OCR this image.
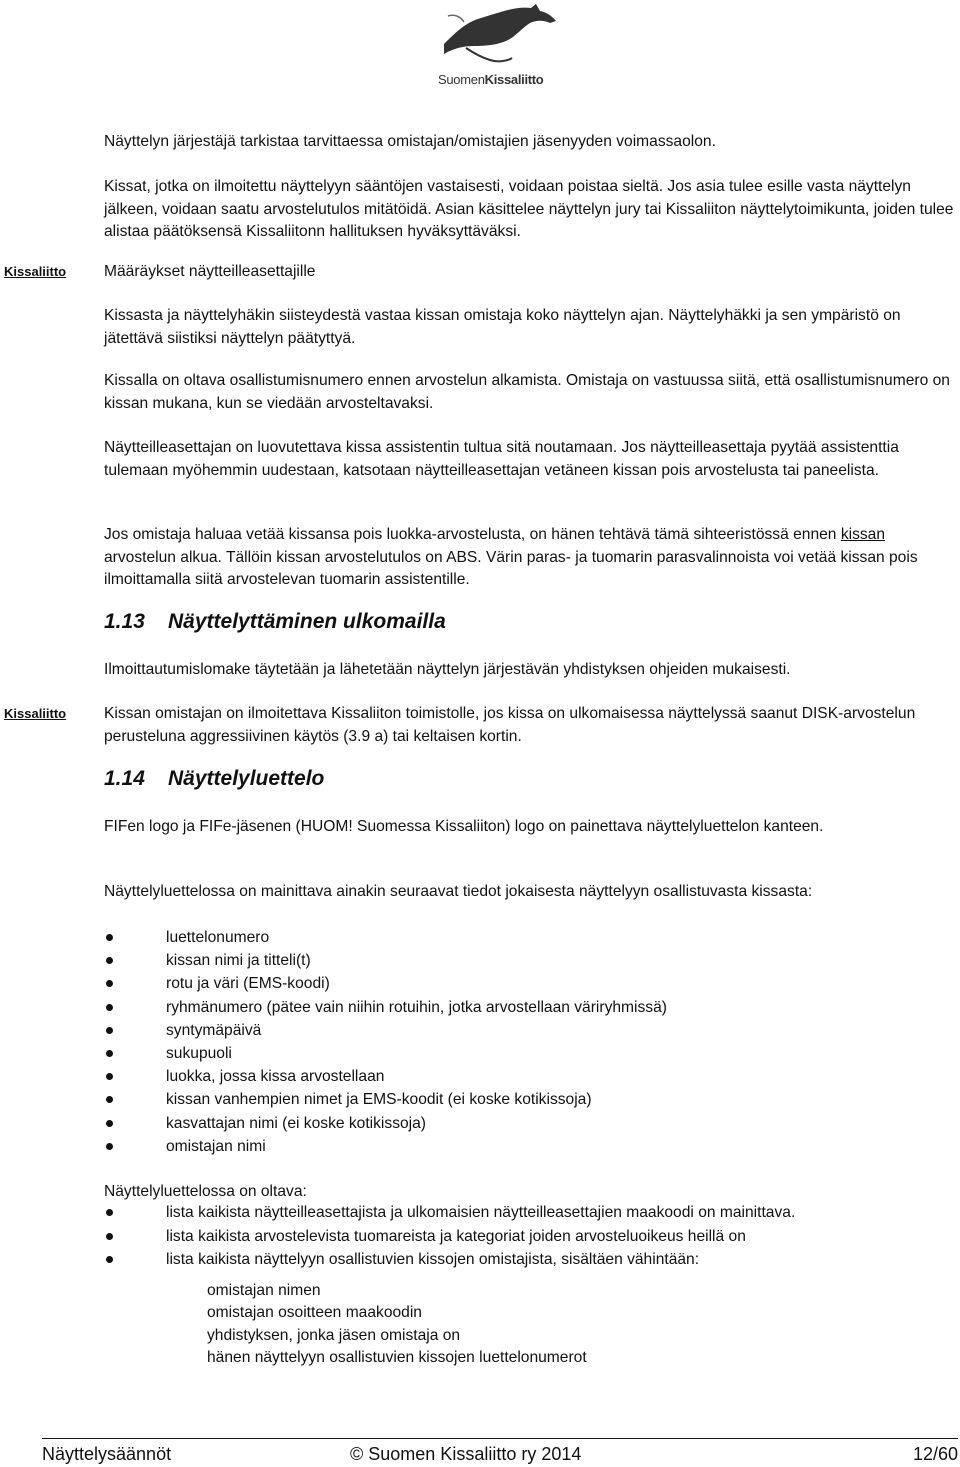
SuomenKissaliitto

Näyttelyn järjestäjä tarkistaa tarvittaessa omistajan/omistajien jäsenyyden voimassaolon.

Kissat, jotka on ilmoitettu näyttelyyn sääntöjen vastaisesti, voidaan poistaa sieltä. Jos asia tulee esille vasta näyttelyn jälkeen, voidaan saatu arvostelutulos mitätöidä. Asian käsittelee näyttelyn jury tai Kissaliiton näyttelytoimikunta, joiden tulee alistaa päätöksensä Kissaliitonn hallituksen hyväksyttäväksi.

Kissaliitto Määräykset näytteilleasettajille

Kissasta ja näyttelyhäkin siisteydestä vastaa kissan omistaja koko näyttelyn ajan. Näyttelyhäkki ja sen ympäristö on jätettävä siistiksi näyttelyn päätyttyä.

Kissalla on oltava osallistumisnumero ennen arvostelun alkamista. Omistaja on vastuussa siitä, että osallistumisnumero on kissan mukana, kun se viedään arvosteltavaksi.

Näytteilleasettajan on luovutettava kissa assistentin tultua sitä noutamaan. Jos näytteilleasettaja pyytää assistenttia tulemaan myöhemmin uudestaan, katsotaan näytteilleasettajan vetäneen kissan pois arvostelusta tai paneelista.

Jos omistaja haluaa vetää kissansa pois luokka-arvostelusta, on hänen tehtävä tämä sihteeristössä ennen kissan arvostelun alkua. Tällöin kissan arvostelutulos on ABS. Värin paras- ja tuomarin parasvalinnoista voi vetää kissan pois ilmoittamalla siitä arvostelevan tuomarin assistentille.

1.13 Näyttelyttäminen ulkomailla

Ilmoittautumislomake täytetään ja lähetetään näyttelyn järjestävän yhdistyksen ohjeiden mukaisesti.

Kissaliitto Kissan omistajan on ilmoitettava Kissaliiton toimistolle, jos kissa on ulkomaisessa näyttelyssä saanut DISK-arvostelun perusteluna aggressiivinen käytös (3.9 a) tai keltaisen kortin.

1.14 Näyttelyluettelo

FIFen logo ja FIFe-jäsenen (HUOM! Suomessa Kissaliiton) logo on painettava näyttelyluettelon kanteen.

Näyttelyluettelossa on mainittava ainakin seuraavat tiedot jokaisesta näyttelyyn osallistuvasta kissasta:

luettelonumero
kissan nimi ja titteli(t)
rotu ja väri (EMS-koodi)
ryhmänumero (pätee vain niihin rotuihin, jotka arvostellaan väriryhmissä)
syntymäpäivä
sukupuoli
luokka, jossa kissa arvostellaan
kissan vanhempien nimet ja EMS-koodit (ei koske kotikissoja)
kasvattajan nimi (ei koske kotikissoja)
omistajan nimi

Näyttelyluettelossa on oltava:

lista kaikista näytteilleasettajista ja ulkomaisien näytteilleasettajien maakoodi on mainittava.
lista kaikista arvostelevista tuomareista ja kategoriat joiden arvosteluoikeus heillä on
lista kaikista näyttelyyn osallistuvien kissojen omistajista, sisältäen vähintään:
omistajan nimen
omistajan osoitteen maakoodin
yhdistyksen, jonka jäsen omistaja on
hänen näyttelyyn osallistuvien kissojen luettelonumerot
Näyttelysäännöt	© Suomen Kissaliitto ry 2014	12/60
